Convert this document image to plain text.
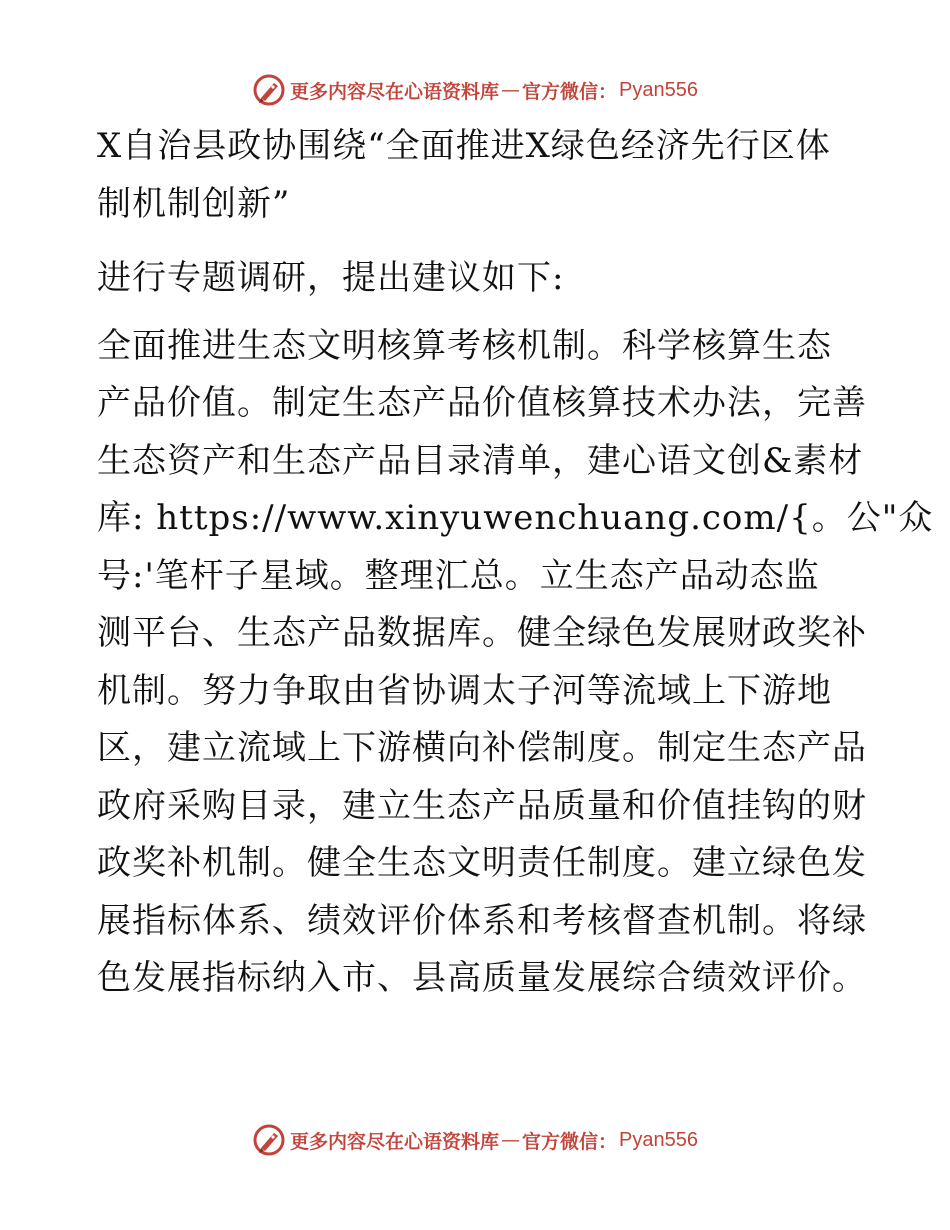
更多内容尽在心语资料库 — 官方微信： Pyan556
X自治县政协围绕“全面推进X绿色经济先行区体
制机制创新”
进行专题调研，提出建议如下:
全面推进生态文明核算考核机制。科学核算生态
产品价值。制定生态产品价值核算技术办法，完善
生态资产和生态产品目录清单，建心语文创&素材
库: https://www.xinyuwenchuang.com/{。公"众
号:'笔杆子星域。整理汇总。立生态产品动态监
测平台、生态产品数据库。健全绿色发展财政奖补
机制。努力争取由省协调太子河等流域上下游地
区，建立流域上下游横向补偿制度。制定生态产品
政府采购目录，建立生态产品质量和价值挂钩的财
政奖补机制。健全生态文明责任制度。建立绿色发
展指标体系、绩效评价体系和考核督查机制。将绿
色发展指标纳入市、县高质量发展综合绩效评价。
更多内容尽在心语资料库 — 官方微信： Pyan556
